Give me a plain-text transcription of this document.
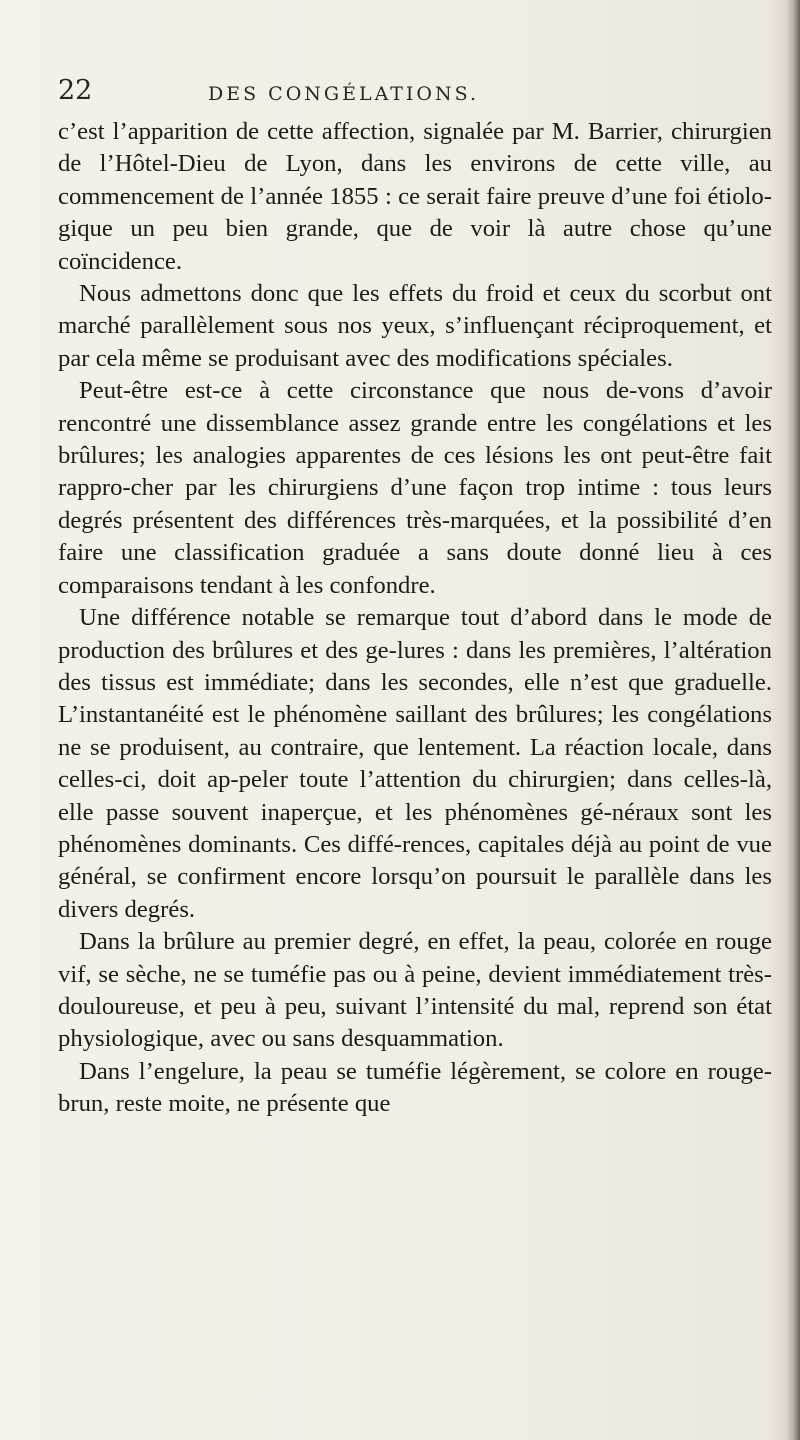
22	DES CONGÉLATIONS.

c’est l’apparition de cette affection, signalée par M. Barrier, chirurgien de l’Hôtel-Dieu de Lyon, dans les environs de cette ville, au commencement de l’année 1855 : ce serait faire preuve d’une foi étiolo-gique un peu bien grande, que de voir là autre chose qu’une coïncidence.

Nous admettons donc que les effets du froid et ceux du scorbut ont marché parallèlement sous nos yeux, s’influençant réciproquement, et par cela même se produisant avec des modifications spéciales.

Peut-être est-ce à cette circonstance que nous de-vons d’avoir rencontré une dissemblance assez grande entre les congélations et les brûlures; les analogies apparentes de ces lésions les ont peut-être fait rappro-cher par les chirurgiens d’une façon trop intime : tous leurs degrés présentent des différences très-marquées, et la possibilité d’en faire une classification graduée a sans doute donné lieu à ces comparaisons tendant à les confondre.

Une différence notable se remarque tout d’abord dans le mode de production des brûlures et des ge-lures : dans les premières, l’altération des tissus est immédiate; dans les secondes, elle n’est que graduelle. L’instantanéité est le phénomène saillant des brûlures; les congélations ne se produisent, au contraire, que lentement. La réaction locale, dans celles-ci, doit ap-peler toute l’attention du chirurgien; dans celles-là, elle passe souvent inaperçue, et les phénomènes gé-néraux sont les phénomènes dominants. Ces diffé-rences, capitales déjà au point de vue général, se confirment encore lorsqu’on poursuit le parallèle dans les divers degrés.

Dans la brûlure au premier degré, en effet, la peau, colorée en rouge vif, se sèche, ne se tuméfie pas ou à peine, devient immédiatement très-douloureuse, et peu à peu, suivant l’intensité du mal, reprend son état physiologique, avec ou sans desquammation.

Dans l’engelure, la peau se tuméfie légèrement, se colore en rouge-brun, reste moite, ne présente que
